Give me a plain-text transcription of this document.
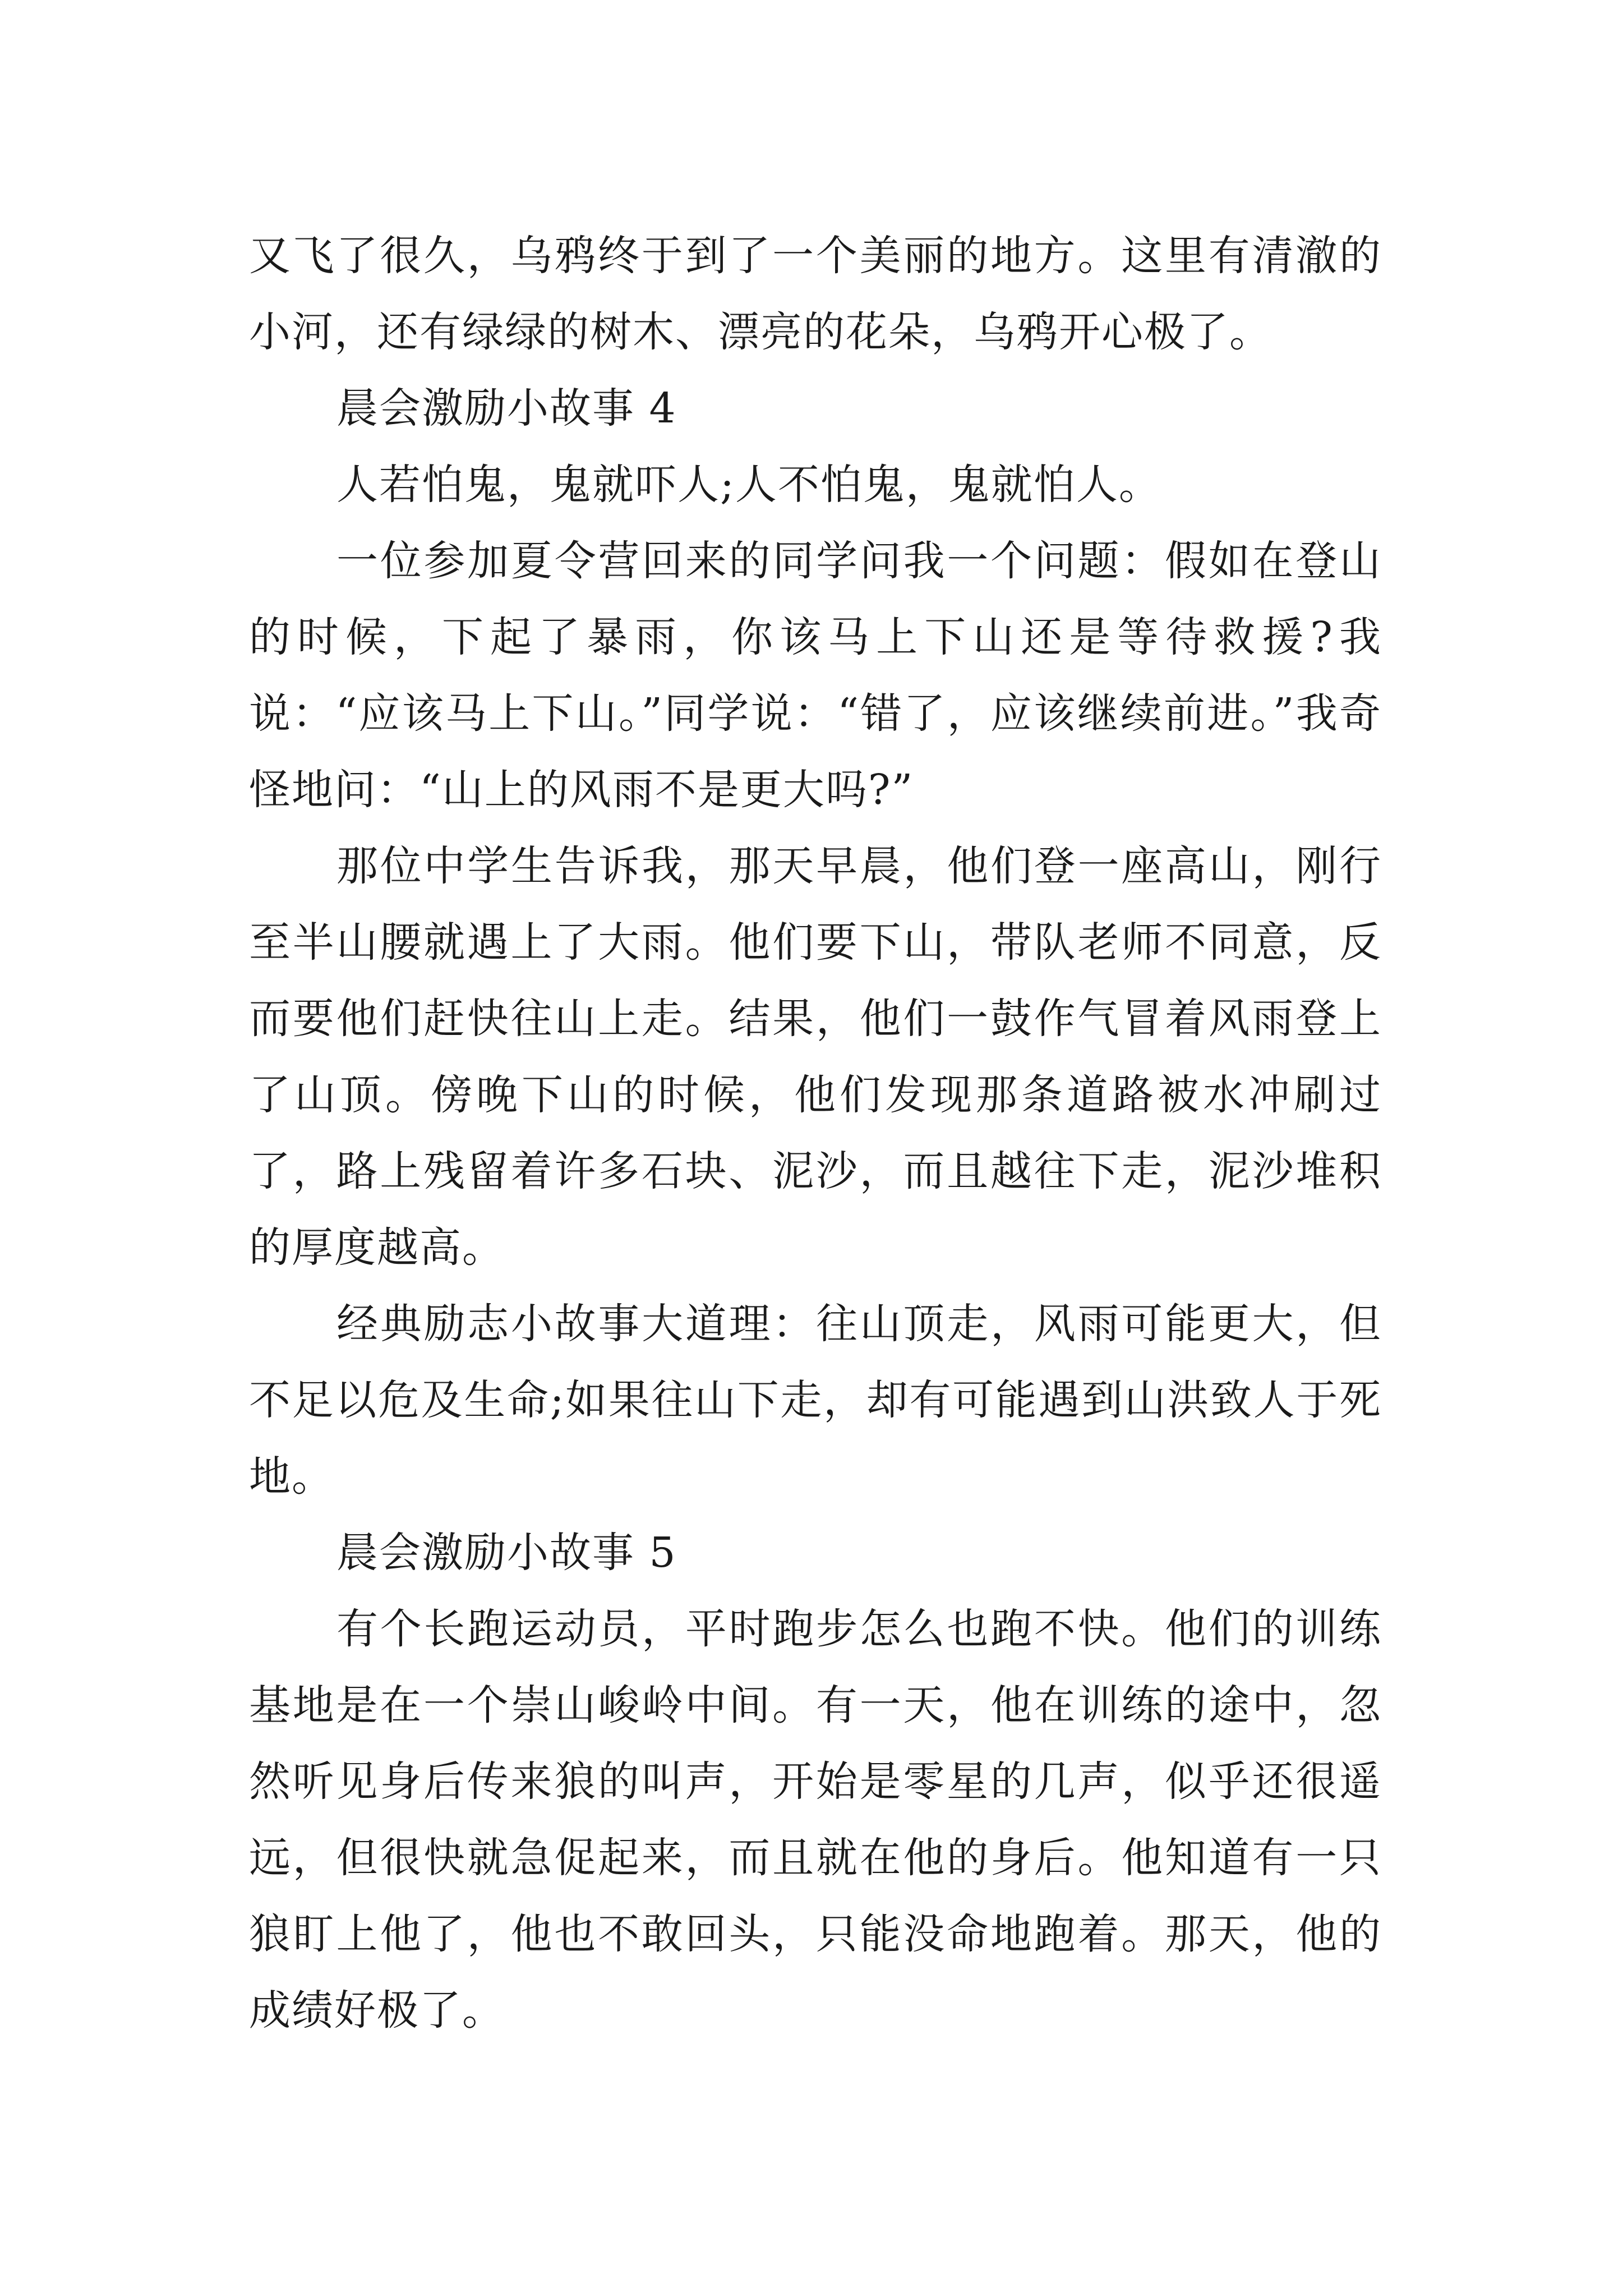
又飞了很久，乌鸦终于到了一个美丽的地方。这里有清澈的小河，还有绿绿的树木、漂亮的花朵，乌鸦开心极了。

晨会激励小故事 4

人若怕鬼，鬼就吓人;人不怕鬼，鬼就怕人。

一位参加夏令营回来的同学问我一个问题：假如在登山的时候，下起了暴雨，你该马上下山还是等待救援?我说：“应该马上下山。”同学说：“错了，应该继续前进。”我奇怪地问：“山上的风雨不是更大吗?”

那位中学生告诉我，那天早晨，他们登一座高山，刚行至半山腰就遇上了大雨。他们要下山，带队老师不同意，反而要他们赶快往山上走。结果，他们一鼓作气冒着风雨登上了山顶。傍晚下山的时候，他们发现那条道路被水冲刷过了，路上残留着许多石块、泥沙，而且越往下走，泥沙堆积的厚度越高。

经典励志小故事大道理：往山顶走，风雨可能更大，但不足以危及生命;如果往山下走，却有可能遇到山洪致人于死地。

晨会激励小故事 5

有个长跑运动员，平时跑步怎么也跑不快。他们的训练基地是在一个崇山峻岭中间。有一天，他在训练的途中，忽然听见身后传来狼的叫声，开始是零星的几声，似乎还很遥远，但很快就急促起来，而且就在他的身后。他知道有一只狼盯上他了，他也不敢回头，只能没命地跑着。那天，他的成绩好极了。
